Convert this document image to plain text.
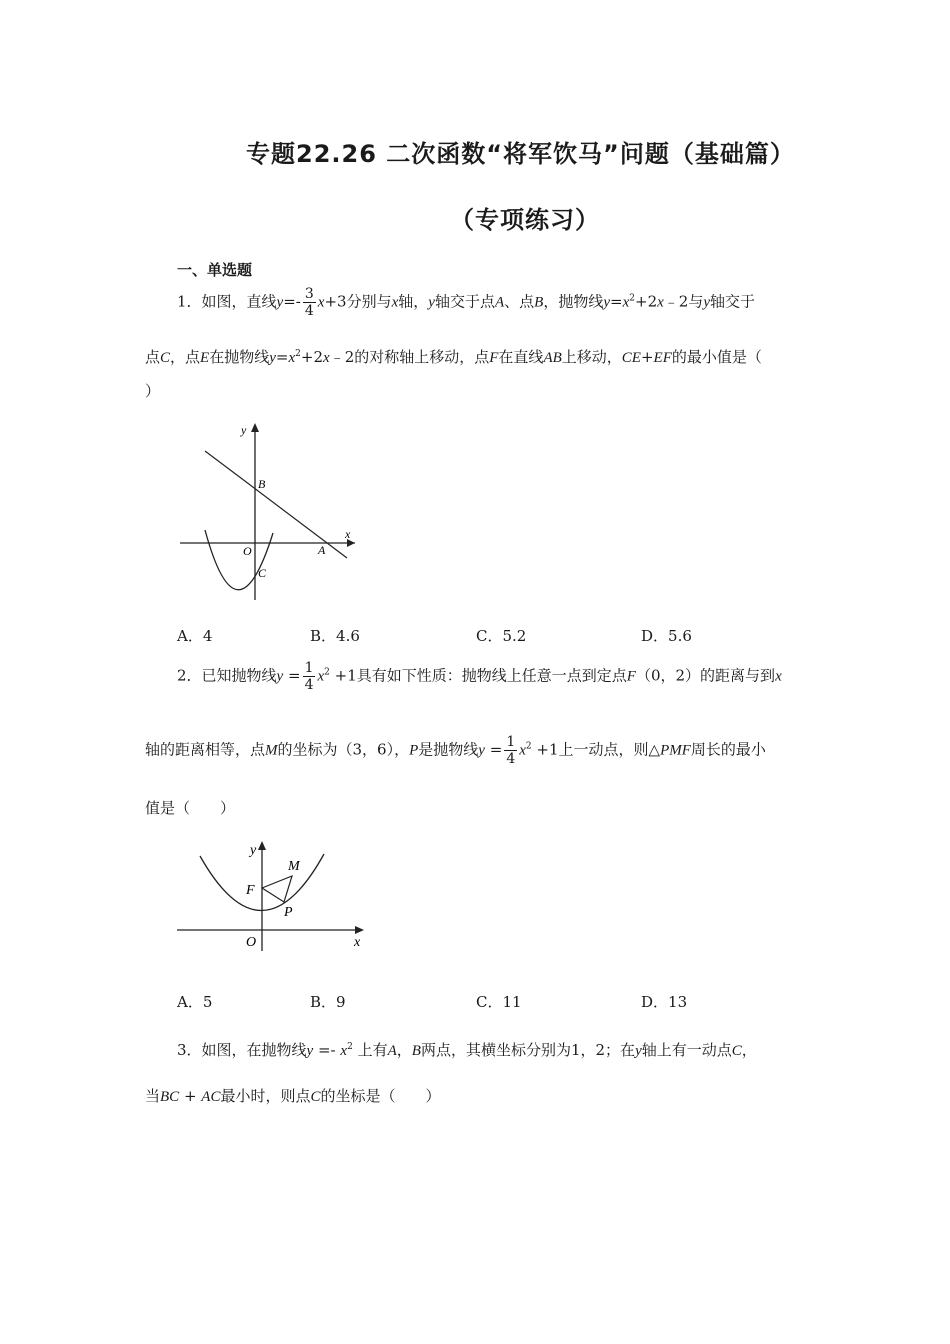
专题22.26 二次函数“将军饮马”问题（基础篇）
（专项练习）
一、单选题
1．如图，直线$y=- \frac{3}{4} x+3$分别与x轴，y轴交于点A、点B，抛物线$y=x^2+2x﹣2$与y轴交于
点C，点E在抛物线$y=x^2+2x﹣2$的对称轴上移动，点F在直线AB上移动，CE+EF的最小值是（
）
y
x
B
O
C
A
A．4	B．4.6	C．5.2	D．5.6
2．已知抛物线$y = \frac{1}{4} x^2 +1$具有如下性质：抛物线上任意一点到定点F（0，2）的距离与到x
轴的距离相等，点M的坐标为（3，6），P是抛物线$y = \frac{1}{4} x^2 +1$上一动点，则△PMF周长的最小
值是（　　）
y
x
M
F
P
O
A．5	B．9	C．11	D．13
3．如图，在抛物线$y =- x^2$ 上有A，B两点，其横坐标分别为1，2；在y轴上有一动点C，
当BC + AC最小时，则点C的坐标是（　　）
